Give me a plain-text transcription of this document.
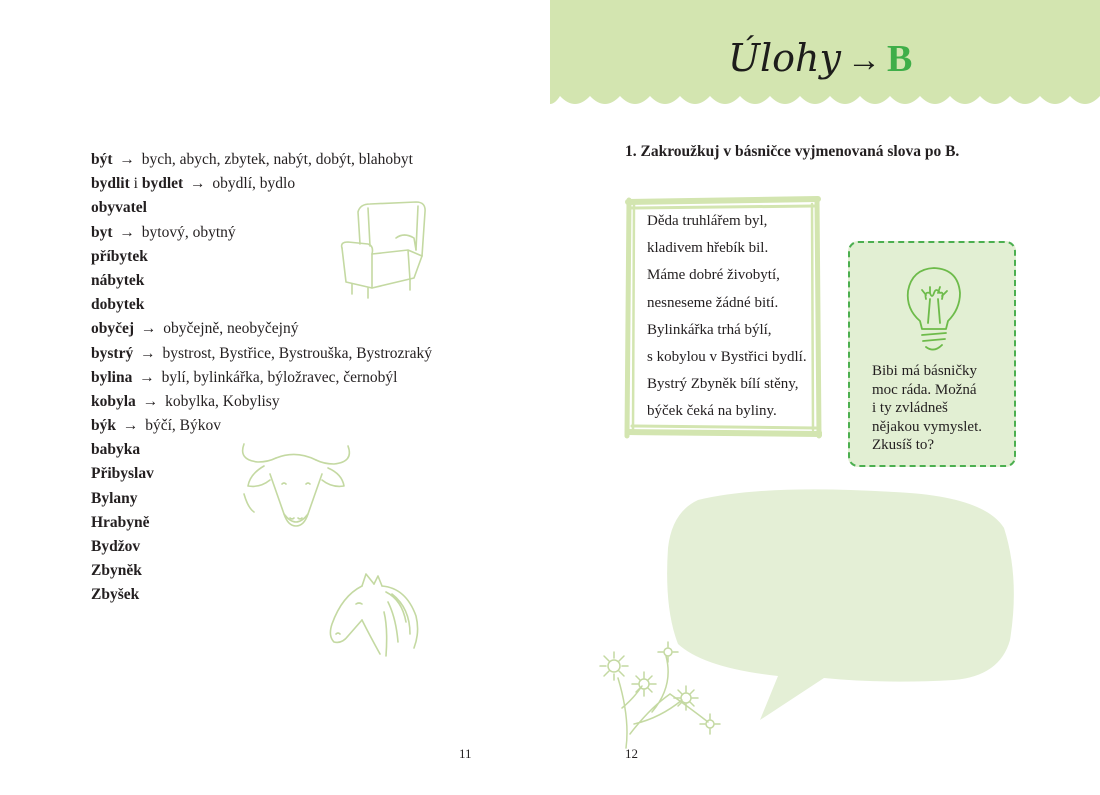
být → bych, abych, zbytek, nabýt, dobýt, blahobyt
bydlit i bydlet → obydlí, bydlo
obyvatel
byt → bytový, obytný
příbytek
nábytek
dobytek
obyčej → obyčejně, neobyčejný
bystrý → bystrost, Bystřice, Bystrouška, Bystrozraký
bylina → bylí, bylinkářka, býložravec, černobýl
kobyla → kobylka, Kobylisy
býk → býčí, Býkov
babyka
Přibyslav
Bylany
Hrabyně
Bydžov
Zbyněk
Zbyšek
11
Úlohy → B
1. Zakroužkuj v básničce vyjmenovaná slova po B.
Děda truhlářem byl,
kladivem hřebík bil.
Máme dobré živobytí,
nesneseme žádné bití.
Bylinkářka trhá býlí,
s kobylou v Bystřici bydlí.
Bystrý Zbyněk bílí stěny,
býček čeká na byliny.
Bibi má básničky
moc ráda. Možná
i ty zvládneš
nějakou vymyslet.
Zkusíš to?
12
